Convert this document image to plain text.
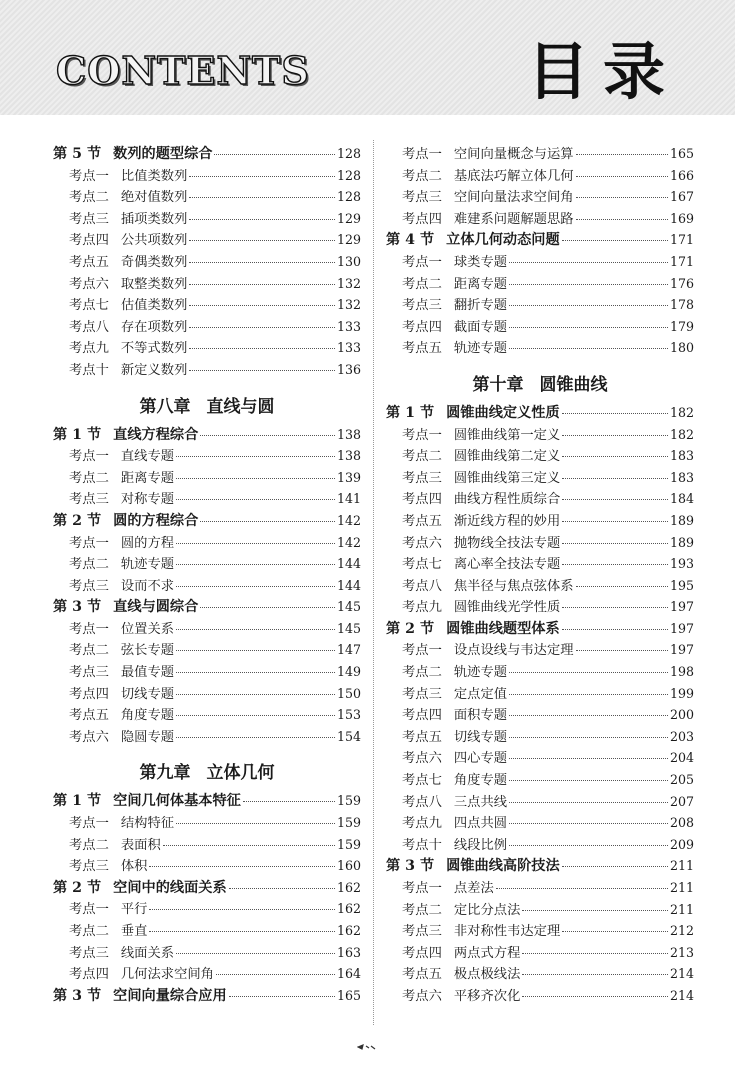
CONTENTS	目录
第 5 节 数列的题型综合	128
考点一 比值类数列	128
考点二 绝对值数列	128
考点三 插项类数列	129
考点四 公共项数列	129
考点五 奇偶类数列	130
考点六 取整类数列	132
考点七 估值类数列	132
考点八 存在项数列	133
考点九 不等式数列	133
考点十 新定义数列	136
第八章 直线与圆
第 1 节 直线方程综合	138
考点一 直线专题	138
考点二 距离专题	139
考点三 对称专题	141
第 2 节 圆的方程综合	142
考点一 圆的方程	142
考点二 轨迹专题	144
考点三 设而不求	144
第 3 节 直线与圆综合	145
考点一 位置关系	145
考点二 弦长专题	147
考点三 最值专题	149
考点四 切线专题	150
考点五 角度专题	153
考点六 隐圆专题	154
第九章 立体几何
第 1 节 空间几何体基本特征	159
考点一 结构特征	159
考点二 表面积	159
考点三 体积	160
第 2 节 空间中的线面关系	162
考点一 平行	162
考点二 垂直	162
考点三 线面关系	163
考点四 几何法求空间角	164
第 3 节 空间向量综合应用	165
考点一 空间向量概念与运算	165
考点二 基底法巧解立体几何	166
考点三 空间向量法求空间角	167
考点四 难建系问题解题思路	169
第 4 节 立体几何动态问题	171
考点一 球类专题	171
考点二 距离专题	176
考点三 翻折专题	178
考点四 截面专题	179
考点五 轨迹专题	180
第十章 圆锥曲线
第 1 节 圆锥曲线定义性质	182
考点一 圆锥曲线第一定义	182
考点二 圆锥曲线第二定义	183
考点三 圆锥曲线第三定义	183
考点四 曲线方程性质综合	184
考点五 渐近线方程的妙用	189
考点六 抛物线全技法专题	189
考点七 离心率全技法专题	193
考点八 焦半径与焦点弦体系	195
考点九 圆锥曲线光学性质	197
第 2 节 圆锥曲线题型体系	197
考点一 设点设线与韦达定理	197
考点二 轨迹专题	198
考点三 定点定值	199
考点四 面积专题	200
考点五 切线专题	203
考点六 四心专题	204
考点七 角度专题	205
考点八 三点共线	207
考点九 四点共圆	208
考点十 线段比例	209
第 3 节 圆锥曲线高阶技法	211
考点一 点差法	211
考点二 定比分点法	211
考点三 非对称性韦达定理	212
考点四 两点式方程	213
考点五 极点极线法	214
考点六 平移齐次化	214
